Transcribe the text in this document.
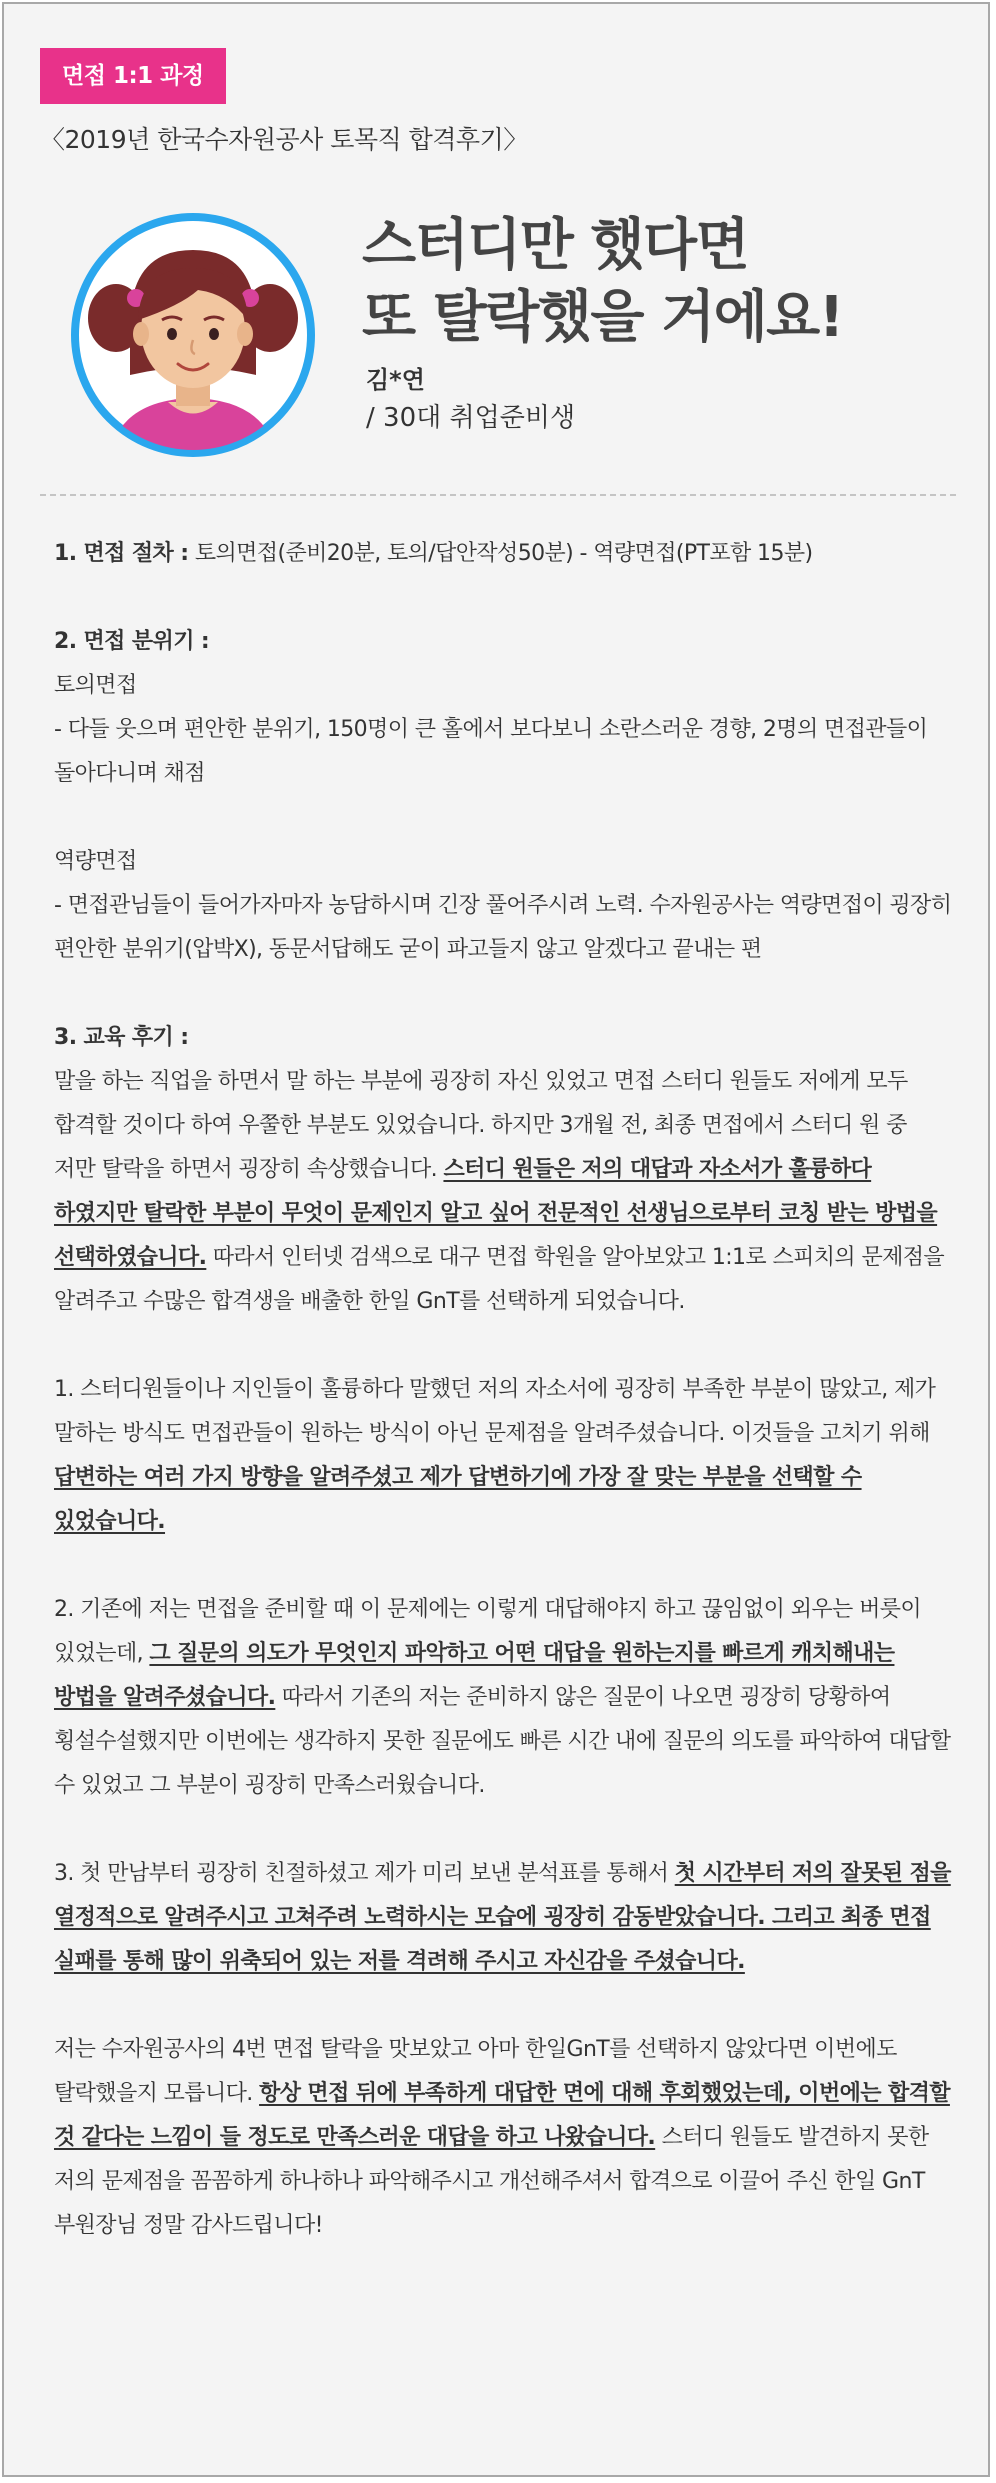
면접 1:1 과정
〈2019년 한국수자원공사 토목직 합격후기〉
스터디만 했다면
또 탈락했을 거에요!
김*연
/ 30대 취업준비생

1. 면접 절차 : 토의면접(준비20분, 토의/답안작성50분) - 역량면접(PT포함 15분)

2. 면접 분위기 :

토의면접

- 다들 웃으며 편안한 분위기, 150명이 큰 홀에서 보다보니 소란스러운 경향, 2명의 면접관들이 돌아다니며 채점

역량면접

- 면접관님들이 들어가자마자 농담하시며 긴장 풀어주시려 노력. 수자원공사는 역량면접이 굉장히 편안한 분위기(압박X), 동문서답해도 굳이 파고들지 않고 알겠다고 끝내는 편

3. 교육 후기 :

말을 하는 직업을 하면서 말 하는 부분에 굉장히 자신 있었고 면접 스터디 원들도 저에게 모두 합격할 것이다 하여 우쭐한 부분도 있었습니다. 하지만 3개월 전, 최종 면접에서 스터디 원 중 저만 탈락을 하면서 굉장히 속상했습니다. 스터디 원들은 저의 대답과 자소서가 훌륭하다 하였지만 탈락한 부분이 무엇이 문제인지 알고 싶어 전문적인 선생님으로부터 코칭 받는 방법을 선택하였습니다. 따라서 인터넷 검색으로 대구 면접 학원을 알아보았고 1:1로 스피치의 문제점을 알려주고 수많은 합격생을 배출한 한일 GnT를 선택하게 되었습니다.

1. 스터디원들이나 지인들이 훌륭하다 말했던 저의 자소서에 굉장히 부족한 부분이 많았고, 제가 말하는 방식도 면접관들이 원하는 방식이 아닌 문제점을 알려주셨습니다. 이것들을 고치기 위해 답변하는 여러 가지 방향을 알려주셨고 제가 답변하기에 가장 잘 맞는 부분을 선택할 수 있었습니다.

2. 기존에 저는 면접을 준비할 때 이 문제에는 이렇게 대답해야지 하고 끊임없이 외우는 버릇이 있었는데, 그 질문의 의도가 무엇인지 파악하고 어떤 대답을 원하는지를 빠르게 캐치해내는 방법을 알려주셨습니다. 따라서 기존의 저는 준비하지 않은 질문이 나오면 굉장히 당황하여 횡설수설했지만 이번에는 생각하지 못한 질문에도 빠른 시간 내에 질문의 의도를 파악하여 대답할 수 있었고 그 부분이 굉장히 만족스러웠습니다.

3. 첫 만남부터 굉장히 친절하셨고 제가 미리 보낸 분석표를 통해서 첫 시간부터 저의 잘못된 점을 열정적으로 알려주시고 고쳐주려 노력하시는 모습에 굉장히 감동받았습니다. 그리고 최종 면접 실패를 통해 많이 위축되어 있는 저를 격려해 주시고 자신감을 주셨습니다.

저는 수자원공사의 4번 면접 탈락을 맛보았고 아마 한일GnT를 선택하지 않았다면 이번에도 탈락했을지 모릅니다. 항상 면접 뒤에 부족하게 대답한 면에 대해 후회했었는데, 이번에는 합격할 것 같다는 느낌이 들 정도로 만족스러운 대답을 하고 나왔습니다. 스터디 원들도 발견하지 못한 저의 문제점을 꼼꼼하게 하나하나 파악해주시고 개선해주셔서 합격으로 이끌어 주신 한일 GnT 부원장님 정말 감사드립니다!
